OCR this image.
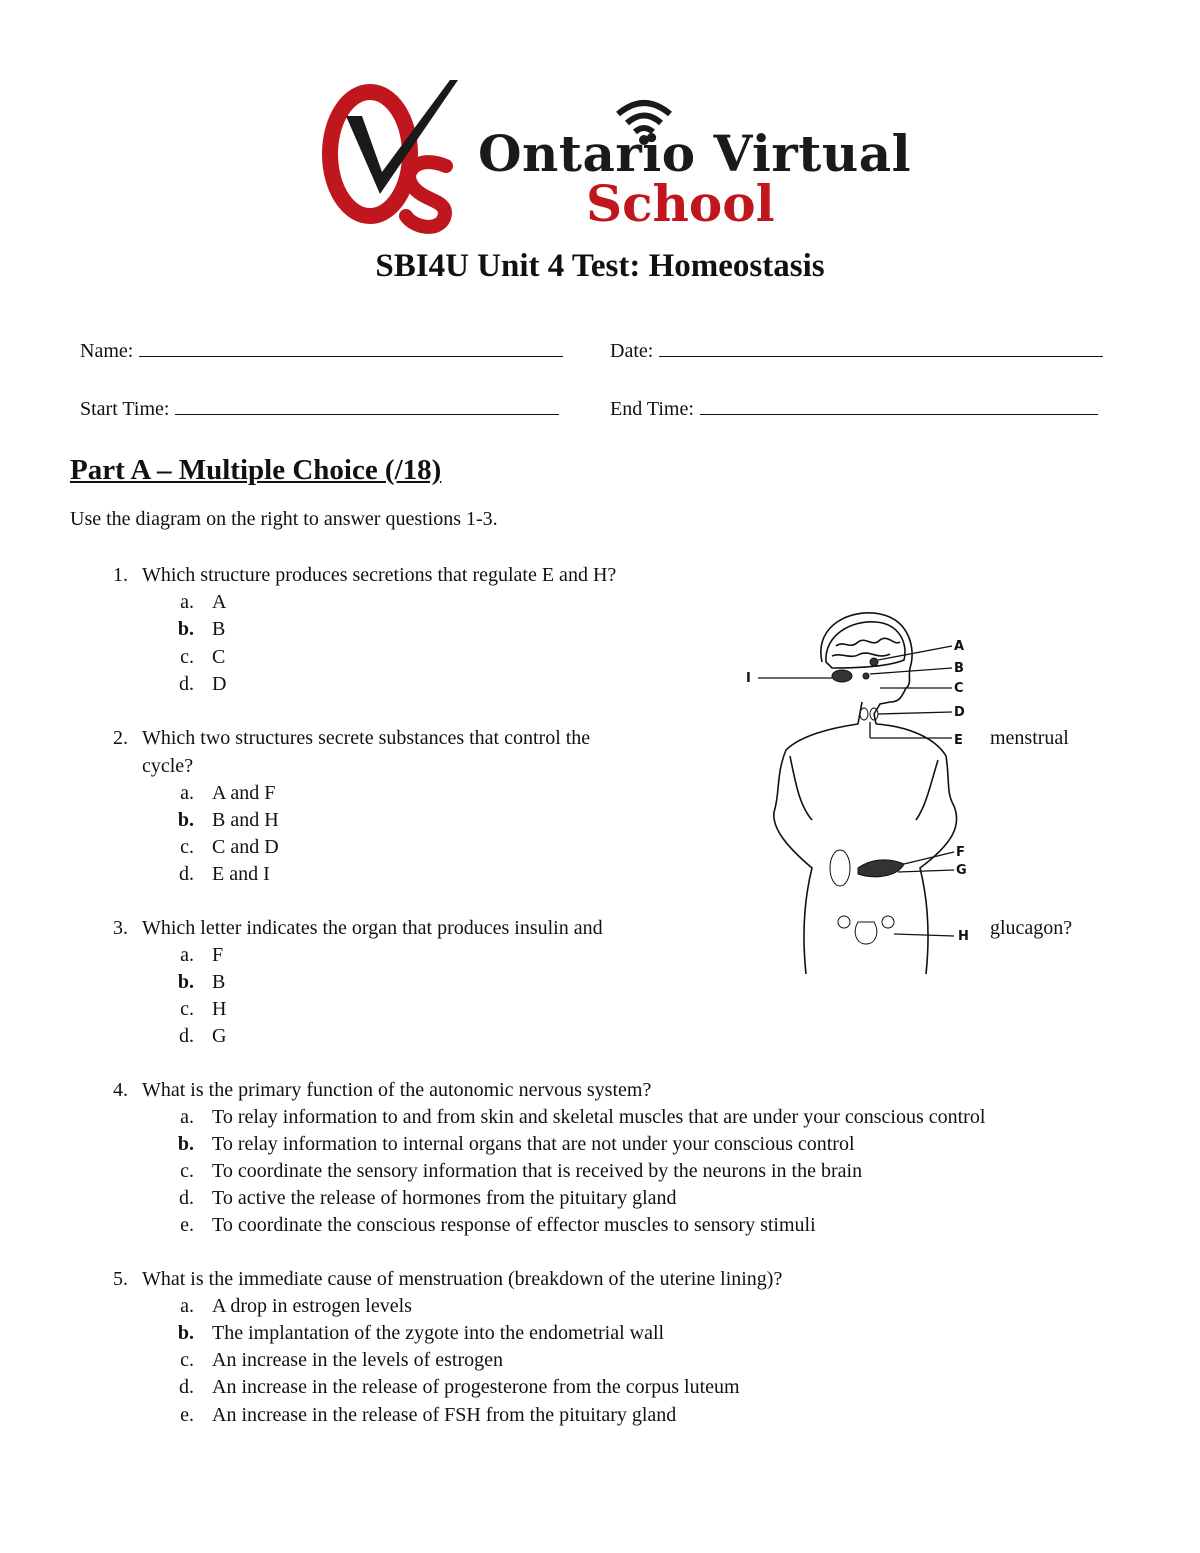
Ontario Virtual
School
SBI4U Unit 4 Test: Homeostasis
Name:	Date:
Start Time:	End Time:
Part A – Multiple Choice (/18)
Use the diagram on the right to answer questions 1-3.
1. Which structure produces secretions that regulate E and H?
a. A
b. B
c. C
d. D
2. Which two structures secrete substances that control the	menstrual
cycle?
a. A and F
b. B and H
c. C and D
d. E and I
3. Which letter indicates the organ that produces insulin and	glucagon?
a. F
b. B
c. H
d. G
4. What is the primary function of the autonomic nervous system?
a. To relay information to and from skin and skeletal muscles that are under your conscious control
b. To relay information to internal organs that are not under your conscious control
c. To coordinate the sensory information that is received by the neurons in the brain
d. To active the release of hormones from the pituitary gland
e. To coordinate the conscious response of effector muscles to sensory stimuli
5. What is the immediate cause of menstruation (breakdown of the uterine lining)?
a. A drop in estrogen levels
b. The implantation of the zygote into the endometrial wall
c. An increase in the levels of estrogen
d. An increase in the release of progesterone from the corpus luteum
e. An increase in the release of FSH from the pituitary gland
A
B
C
D
E
F
G
H
I
